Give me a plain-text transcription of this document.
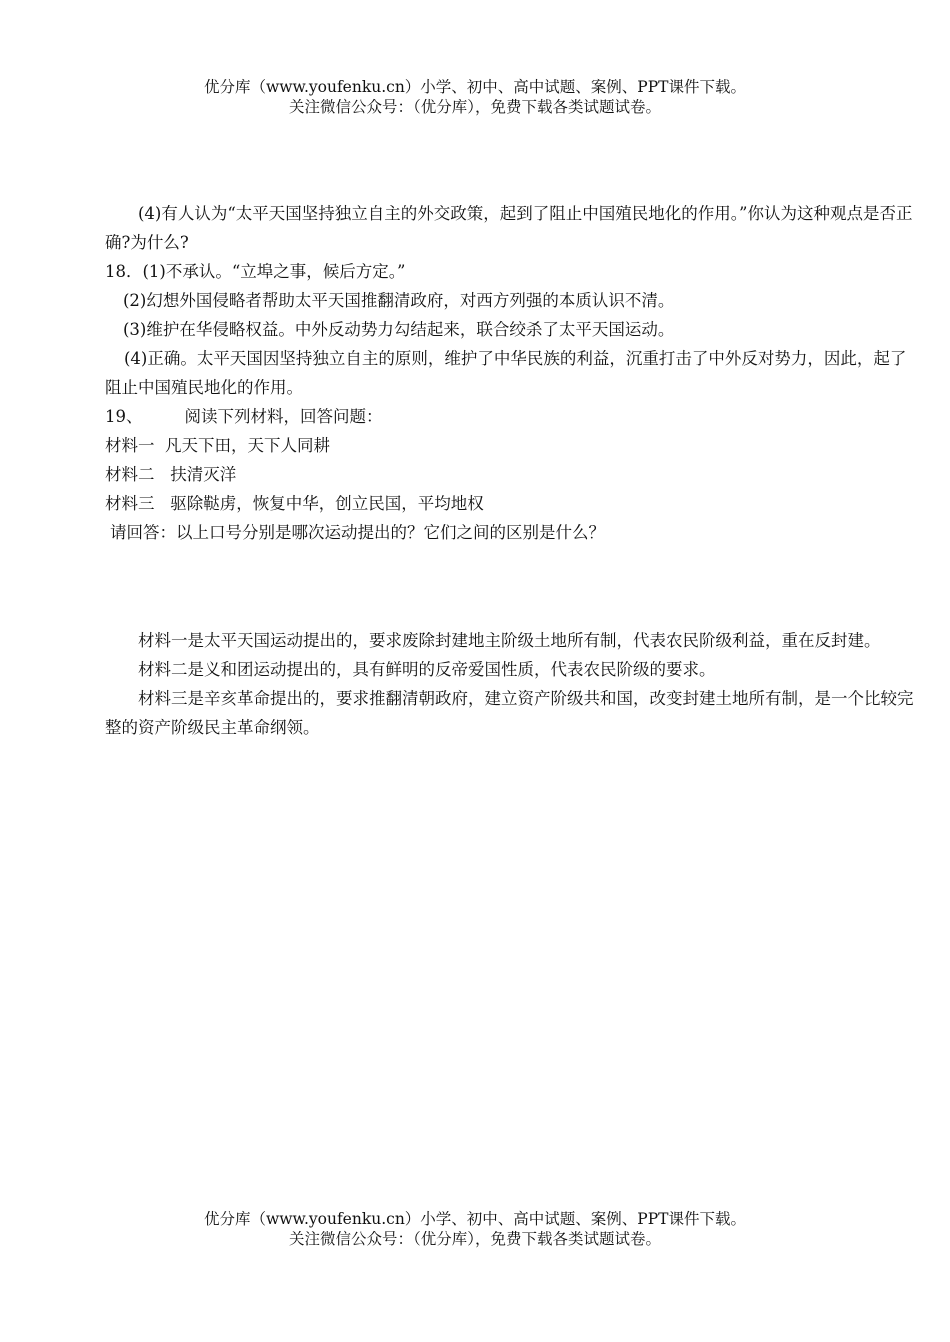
优分库（www.youfenku.cn）小学、初中、高中试题、案例、PPT课件下载。
关注微信公众号：（优分库），免费下载各类试题试卷。

(4)有人认为“太平天国坚持独立自主的外交政策，起到了阻止中国殖民地化的作用。”你认为这种观点是否正确?为什么?

18．(1)不承认。“立埠之事，候后方定。”

(2)幻想外国侵略者帮助太平天国推翻清政府，对西方列强的本质认识不清。

(3)维护在华侵略权益。中外反动势力勾结起来，联合绞杀了太平天国运动。

(4)正确。太平天国因坚持独立自主的原则，维护了中华民族的利益，沉重打击了中外反对势力，因此，起了阻止中国殖民地化的作用。

19、        阅读下列材料，回答问题：

材料一  凡天下田，天下人同耕

材料二   扶清灭洋

材料三   驱除鞑虏，恢复中华，创立民国，平均地权

请回答：以上口号分别是哪次运动提出的？它们之间的区别是什么？

材料一是太平天国运动提出的，要求废除封建地主阶级土地所有制，代表农民阶级利益，重在反封建。

材料二是义和团运动提出的，具有鲜明的反帝爱国性质，代表农民阶级的要求。

材料三是辛亥革命提出的，要求推翻清朝政府，建立资产阶级共和国，改变封建土地所有制，是一个比较完整的资产阶级民主革命纲领。

优分库（www.youfenku.cn）小学、初中、高中试题、案例、PPT课件下载。
关注微信公众号：（优分库），免费下载各类试题试卷。
